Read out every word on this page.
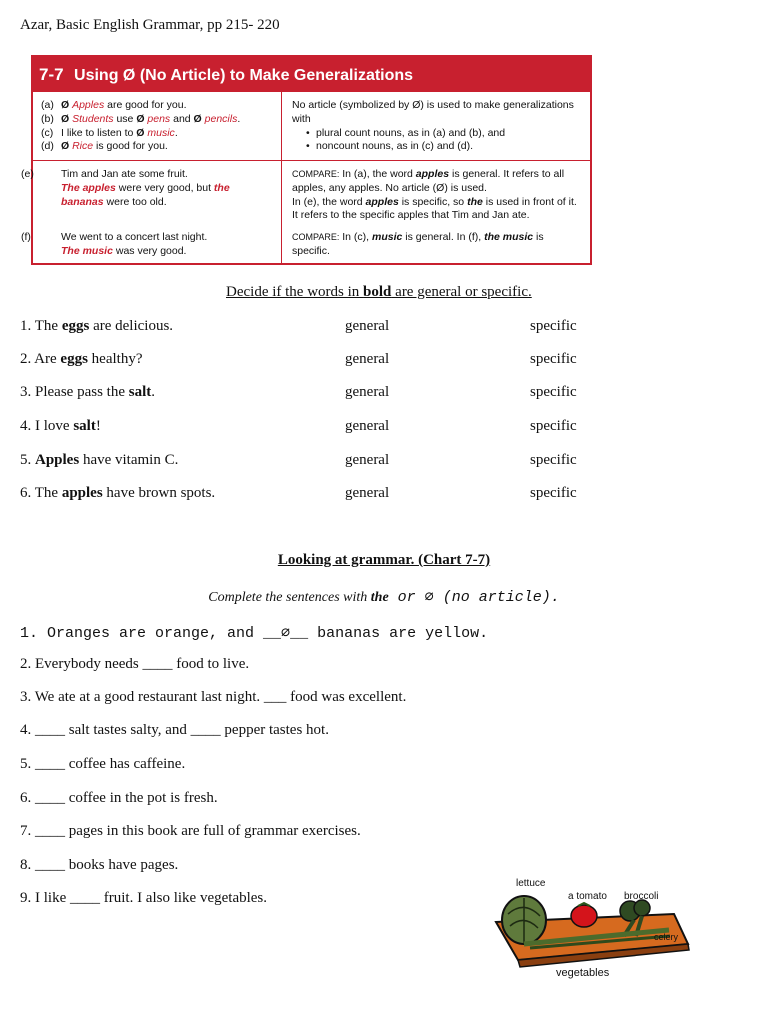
Azar, Basic English Grammar, pp 215- 220
7-7 Using Ø (No Article) to Make Generalizations
(a) Ø Apples are good for you.
(b) Ø Students use Ø pens and Ø pencils.
(c) I like to listen to Ø music.
(d) Ø Rice is good for you.

No article (symbolized by Ø) is used to make generalizations with

• plural count nouns, as in (a) and (b), and
• noncount nouns, as in (c) and (d).
(e)	Tim and Jan ate some fruit.
The apples were very good, but the bananas were too old.
(f)	We went to a concert last night.
The music was very good.
COMPARE: In (a), the word apples is general. It refers to all apples, any apples. No article (Ø) is used.
In (e), the word apples is specific, so the is used in front of it. It refers to the specific apples that Tim and Jan ate.
COMPARE: In (c), music is general. In (f), the music is specific.
Decide if the words in bold are general or specific.
1. The eggs are delicious.	general	specific
2. Are eggs healthy?	general	specific
3. Please pass the salt.	general	specific
4. I love salt!	general	specific
5. Apples have vitamin C.	general	specific
6. The apples have brown spots.	general	specific
Looking at grammar. (Chart 7-7)
Complete the sentences with the or ∅ (no article).
1. Oranges are orange, and __∅__ bananas are yellow.
2. Everybody needs ____ food to live.
3. We ate at a good restaurant last night. ___ food was excellent.
4. ____ salt tastes salty, and ____ pepper tastes hot.
5. ____ coffee has caffeine.
6. ____ coffee in the pot is fresh.
7. ____ pages in this book are full of grammar exercises.
8. ____ books have pages.
9. I like ____ fruit. I also like vegetables.
lettuce
a tomato broccoli
celery
vegetables
